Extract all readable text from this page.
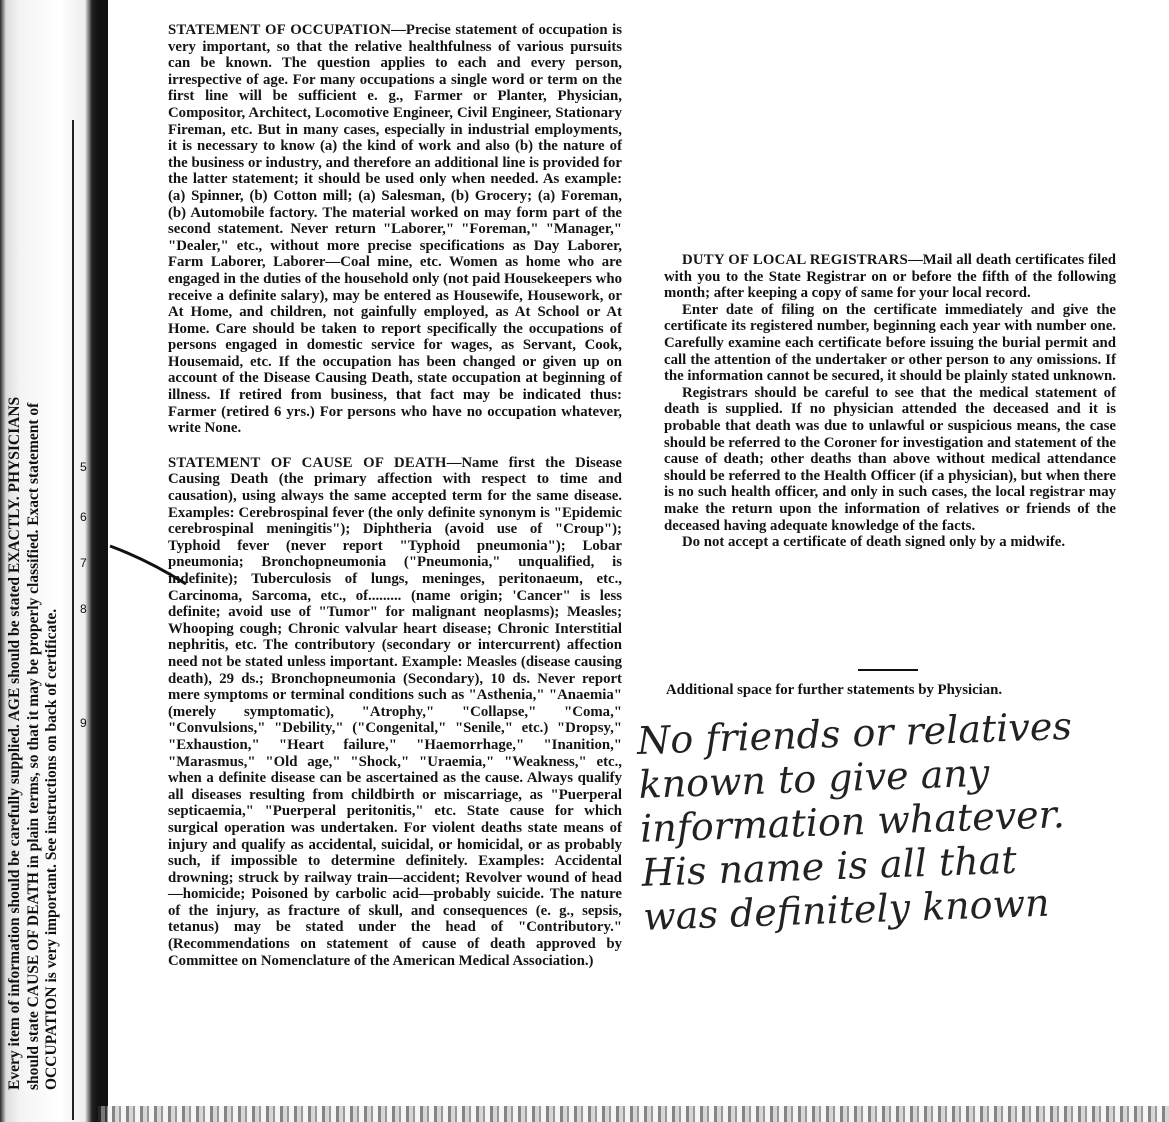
Every item of information should be carefully supplied. AGE should be stated EXACTLY. PHYSICIANS should state CAUSE OF DEATH in plain terms, so that it may be properly classified. Exact statement of OCCUPATION is very important. See instructions on back of certificate.
5
6
7
8
9

STATEMENT OF OCCUPATION—Precise statement of occupation is very important, so that the relative healthfulness of various pursuits can be known. The question applies to each and every person, irrespective of age. For many occupations a single word or term on the first line will be sufficient e. g., Farmer or Planter, Physician, Compositor, Architect, Locomotive Engineer, Civil Engineer, Stationary Fireman, etc. But in many cases, especially in industrial employments, it is necessary to know (a) the kind of work and also (b) the nature of the business or industry, and therefore an additional line is provided for the latter statement; it should be used only when needed. As example: (a) Spinner, (b) Cotton mill; (a) Salesman, (b) Grocery; (a) Foreman, (b) Automobile factory. The material worked on may form part of the second statement. Never return "Laborer," "Foreman," "Manager," "Dealer," etc., without more precise specifications as Day Laborer, Farm Laborer, Laborer—Coal mine, etc. Women as home who are engaged in the duties of the household only (not paid Housekeepers who receive a definite salary), may be entered as Housewife, Housework, or At Home, and children, not gainfully employed, as At School or At Home. Care should be taken to report specifically the occupations of persons engaged in domestic service for wages, as Servant, Cook, Housemaid, etc. If the occupation has been changed or given up on account of the Disease Causing Death, state occupation at beginning of illness. If retired from business, that fact may be indicated thus: Farmer (retired 6 yrs.) For persons who have no occupation whatever, write None.

STATEMENT OF CAUSE OF DEATH—Name first the Disease Causing Death (the primary affection with respect to time and causation), using always the same accepted term for the same disease. Examples: Cerebrospinal fever (the only definite synonym is "Epidemic cerebrospinal meningitis"); Diphtheria (avoid use of "Croup"); Typhoid fever (never report "Typhoid pneumonia"); Lobar pneumonia; Bronchopneumonia ("Pneumonia," unqualified, is indefinite); Tuberculosis of lungs, meninges, peritonaeum, etc., Carcinoma, Sarcoma, etc., of......... (name origin; 'Cancer" is less definite; avoid use of "Tumor" for malignant neoplasms); Measles; Whooping cough; Chronic valvular heart disease; Chronic Interstitial nephritis, etc. The contributory (secondary or intercurrent) affection need not be stated unless important. Example: Measles (disease causing death), 29 ds.; Bronchopneumonia (Secondary), 10 ds. Never report mere symptoms or terminal conditions such as "Asthenia," "Anaemia" (merely symptomatic), "Atrophy," "Collapse," "Coma," "Convulsions," "Debility," ("Congenital," "Senile," etc.) "Dropsy," "Exhaustion," "Heart failure," "Haemorrhage," "Inanition," "Marasmus," "Old age," "Shock," "Uraemia," "Weakness," etc., when a definite disease can be ascertained as the cause. Always qualify all diseases resulting from childbirth or miscarriage, as "Puerperal septicaemia," "Puerperal peritonitis," etc. State cause for which surgical operation was undertaken. For violent deaths state means of injury and qualify as accidental, suicidal, or homicidal, or as probably such, if impossible to determine definitely. Examples: Accidental drowning; struck by railway train—accident; Revolver wound of head—homicide; Poisoned by carbolic acid—probably suicide. The nature of the injury, as fracture of skull, and consequences (e. g., sepsis, tetanus) may be stated under the head of "Contributory." (Recommendations on statement of cause of death approved by Committee on Nomenclature of the American Medical Association.)

DUTY OF LOCAL REGISTRARS—Mail all death certificates filed with you to the State Registrar on or before the fifth of the following month; after keeping a copy of same for your local record.

Enter date of filing on the certificate immediately and give the certificate its registered number, beginning each year with number one. Carefully examine each certificate before issuing the burial permit and call the attention of the undertaker or other person to any omissions. If the information cannot be secured, it should be plainly stated unknown.

Registrars should be careful to see that the medical statement of death is supplied. If no physician attended the deceased and it is probable that death was due to unlawful or suspicious means, the case should be referred to the Coroner for investigation and statement of the cause of death; other deaths than above without medical attendance should be referred to the Health Officer (if a physician), but when there is no such health officer, and only in such cases, the local registrar may make the return upon the information of relatives or friends of the deceased having adequate knowledge of the facts.

Do not accept a certificate of death signed only by a midwife.

Additional space for further statements by Physician.
No friends or relatives
known to give any
information whatever.
His name is all that
was definitely known
